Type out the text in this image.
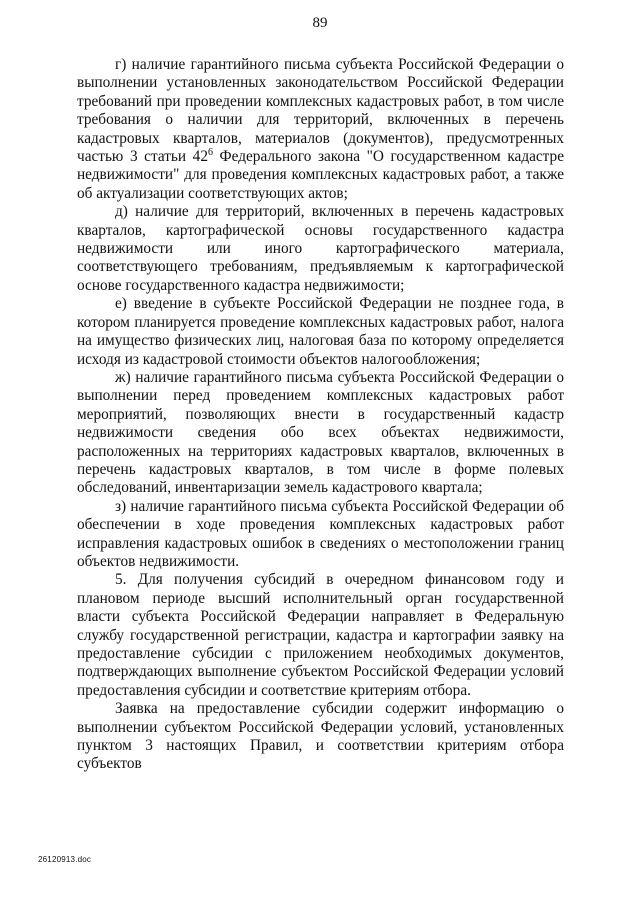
89

г) наличие гарантийного письма субъекта Российской Федерации о выполнении установленных законодательством Российской Федерации требований при проведении комплексных кадастровых работ, в том числе требования о наличии для территорий, включенных в перечень кадастровых кварталов, материалов (документов), предусмотренных частью 3 статьи $42^6$ Федерального закона "О государственном кадастре недвижимости" для проведения комплексных кадастровых работ, а также об актуализации соответствующих актов;

д) наличие для территорий, включенных в перечень кадастровых кварталов, картографической основы государственного кадастра недвижимости или иного картографического материала, соответствующего требованиям, предъявляемым к картографической основе государственного кадастра недвижимости;

е) введение в субъекте Российской Федерации не позднее года, в котором планируется проведение комплексных кадастровых работ, налога на имущество физических лиц, налоговая база по которому определяется исходя из кадастровой стоимости объектов налогообложения;

ж) наличие гарантийного письма субъекта Российской Федерации о выполнении перед проведением комплексных кадастровых работ мероприятий, позволяющих внести в государственный кадастр недвижимости сведения обо всех объектах недвижимости, расположенных на территориях кадастровых кварталов, включенных в перечень кадастровых кварталов, в том числе в форме полевых обследований, инвентаризации земель кадастрового квартала;

з) наличие гарантийного письма субъекта Российской Федерации об обеспечении в ходе проведения комплексных кадастровых работ исправления кадастровых ошибок в сведениях о местоположении границ объектов недвижимости.

5. Для получения субсидий в очередном финансовом году и плановом периоде высший исполнительный орган государственной власти субъекта Российской Федерации направляет в Федеральную службу государственной регистрации, кадастра и картографии заявку на предоставление субсидии с приложением необходимых документов, подтверждающих выполнение субъектом Российской Федерации условий предоставления субсидии и соответствие критериям отбора.

Заявка на предоставление субсидии содержит информацию о выполнении субъектом Российской Федерации условий, установленных пунктом 3 настоящих Правил, и соответствии критериям отбора субъектов

26120913.doc
